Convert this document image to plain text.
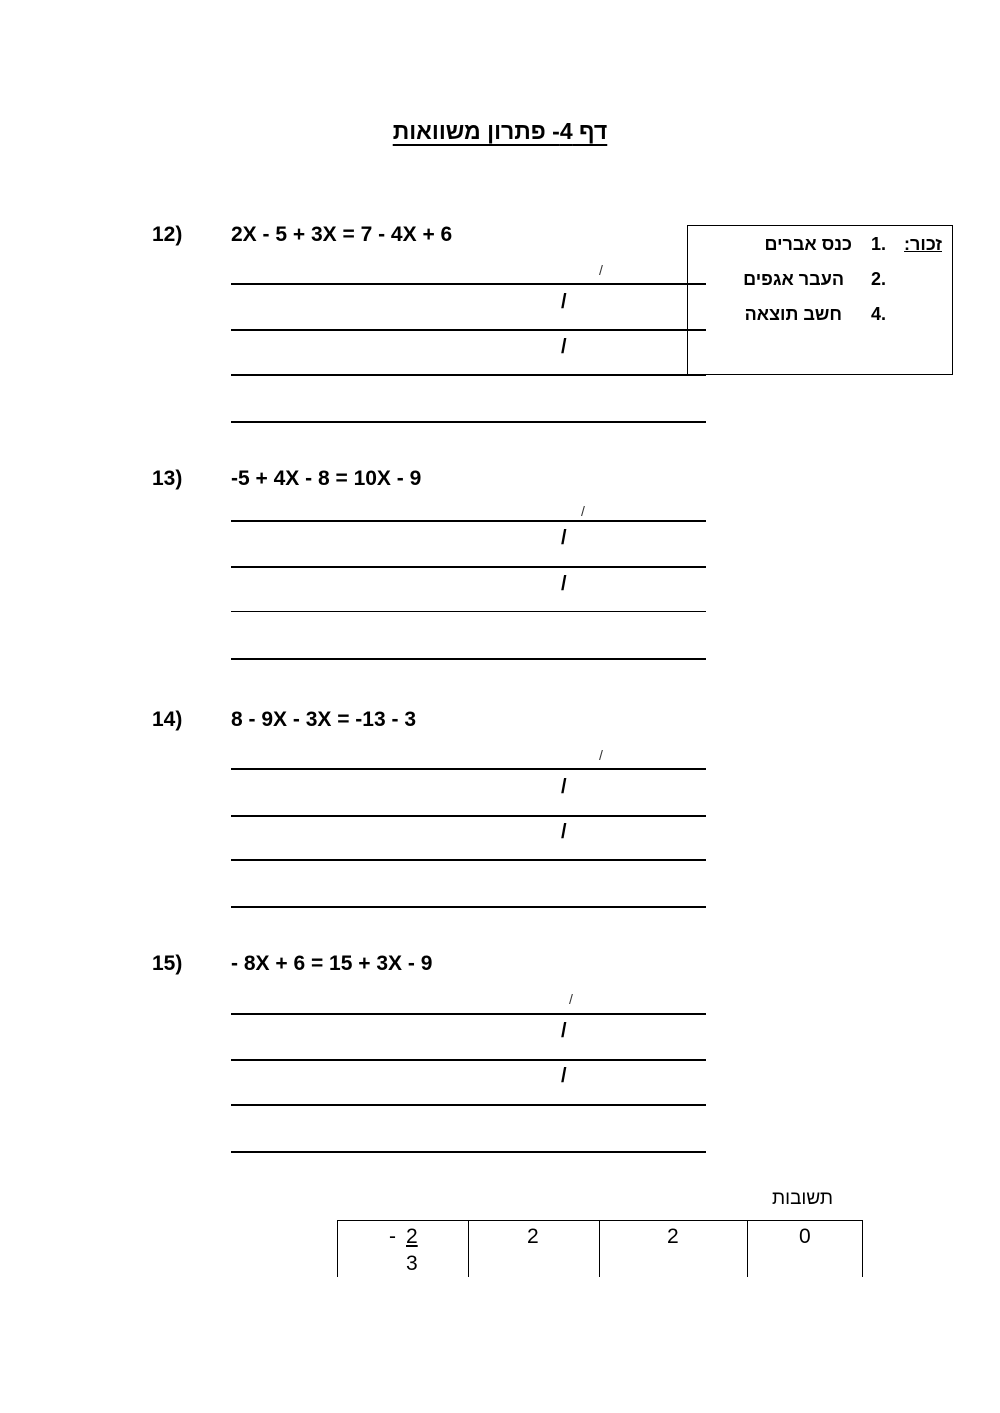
דף 4- פתרון משוואות
זכור:
.1
כנס אברים
.2
העבר אגפים
.4
חשב תוצאה
12) 2X - 5 + 3X = 7 - 4X + 6
/
/
/
13) -5 + 4X - 8 = 10X - 9
/
/
/
14) 8 - 9X - 3X = -13 - 3
/
/
/
15) - 8X + 6 = 15 + 3X - 9
/
/
/
תשובות
- 2
3
2	2	0
